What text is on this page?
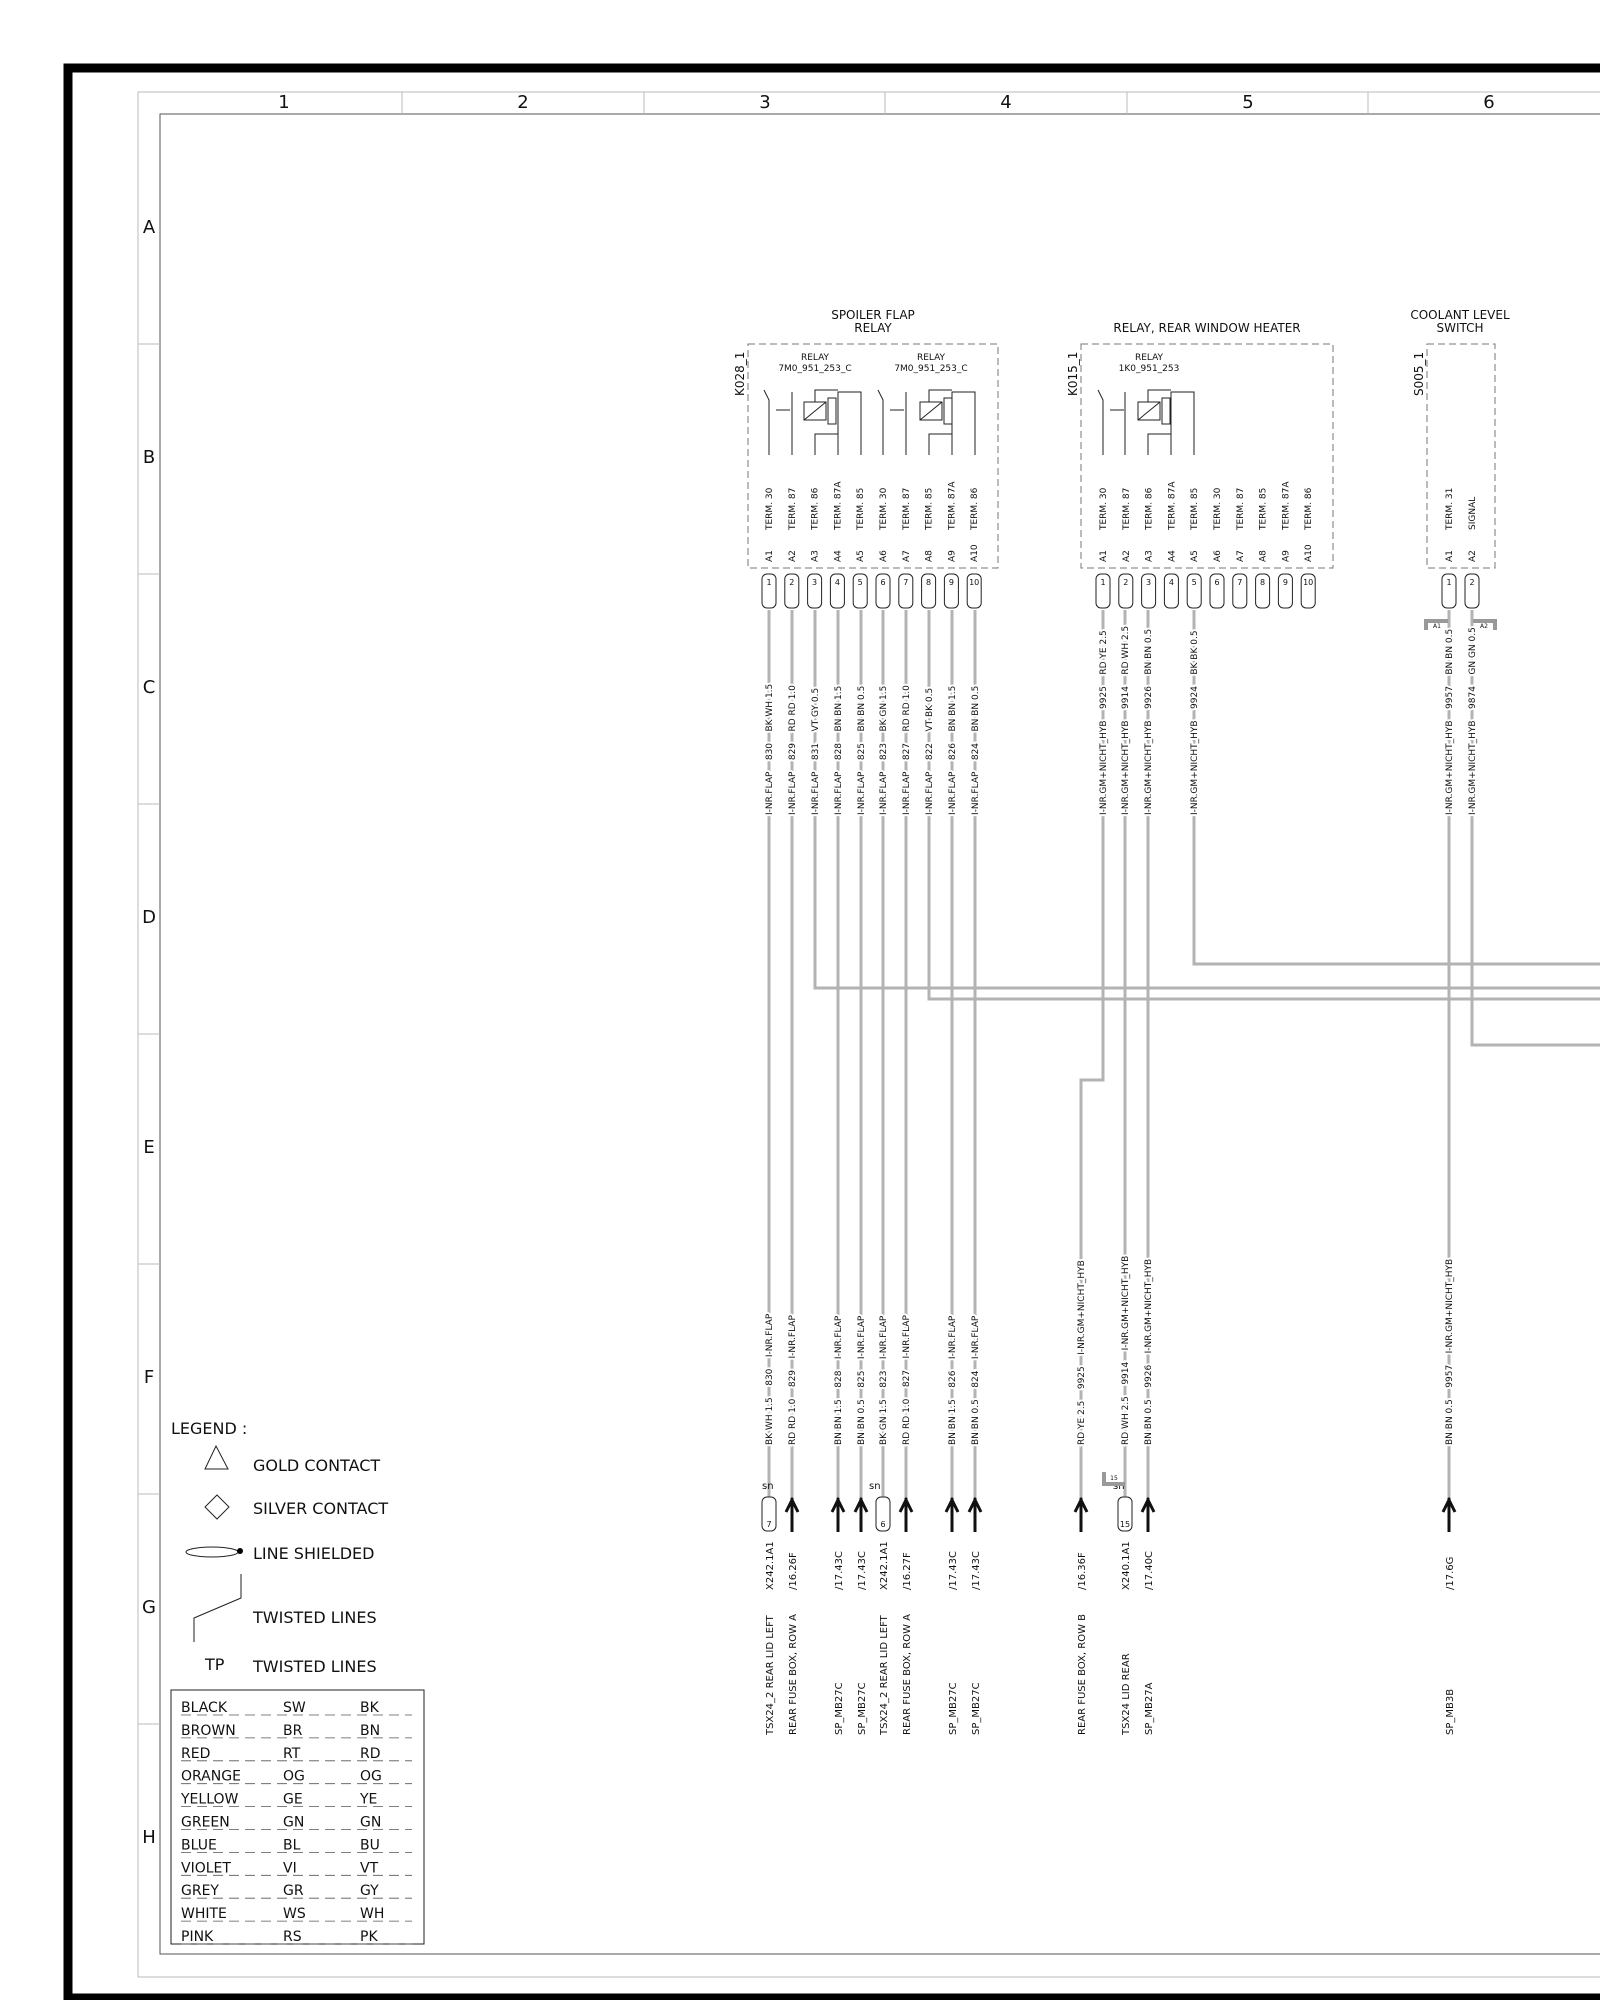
1	2	3	4	5	6
A
B
C
D
E
F
G
H
SPOILER FLAP
RELAY
K028_1	RELAY
7M0_951_253_C
RELAY
7M0_951_253_C
A1
TERM. 30
1
A2
TERM. 87
2
A3
TERM. 86
3
A4
TERM. 87A
4
A5
TERM. 85
5
A6
TERM. 30
6
A7
TERM. 87
7
A8
TERM. 85
8
A9
TERM. 87A
9
A10
TERM. 86
10
RELAY, REAR WINDOW HEATER
K015_1	RELAY
1K0_951_253
A1
TERM. 30
1
A2
TERM. 87
2
A3
TERM. 86
3
A4
TERM. 87A
4
A5
TERM. 85
5
A6
TERM. 30
6
A7
TERM. 87
7
A8
TERM. 85
8
A9
TERM. 87A
9
A10
TERM. 86
10
COOLANT LEVEL
SWITCH
S005_1
A1
TERM. 31
1
A2
SIGNAL
2
A1	A2
I-NR.FLAP    830    BK WH 1.5 I-NR.FLAP    829    RD RD 1.0 I-NR.FLAP    831    VT GY 0.5 I-NR.FLAP    828    BN BN 1.5 I-NR.FLAP    825    BN BN 0.5 I-NR.FLAP    823    BK GN 1.5 I-NR.FLAP    827    RD RD 1.0 I-NR.FLAP    822    VT BK 0.5 I-NR.FLAP    826    BN BN 1.5 I-NR.FLAP    824    BN BN 0.5	I-NR.GM+NICHT_HYB    9925    RD YE 2.5 I-NR.GM+NICHT_HYB    9914    RD WH 2.5 I-NR.GM+NICHT_HYB    9926    BN BN 0.5	I-NR.GM+NICHT_HYB    9924    BK BK 0.5	I-NR.GM+NICHT_HYB    9957    BN BN 0.5 I-NR.GM+NICHT_HYB    9874    GN GN 0.5
BK WH 1.5    830    I-NR.FLAP RD RD 1.0    829    I-NR.FLAP	BN BN 1.5    828    I-NR.FLAP BN BN 0.5    825    I-NR.FLAP BK GN 1.5    823    I-NR.FLAP RD RD 1.0    827    I-NR.FLAP	BN BN 1.5    826    I-NR.FLAP BN BN 0.5    824    I-NR.FLAP	RD YE 2.5    9925    I-NR.GM+NICHT_HYB	RD WH 2.5    9914    I-NR.GM+NICHT_HYB BN BN 0.5    9926    I-NR.GM+NICHT_HYB	BN BN 0.5    9957    I-NR.GM+NICHT_HYB
X242.1A1
TSX24_2 REAR LID LEFT
/16.26F
REAR FUSE BOX, ROW A
/17.43C
SP_MB27C
/17.43C
SP_MB27C
X242.1A1
TSX24_2 REAR LID LEFT
/16.27F
REAR FUSE BOX, ROW A
/17.43C
SP_MB27C
/17.43C
SP_MB27C
/16.36F
REAR FUSE BOX, ROW B
X240.1A1
TSX24 LID REAR
/17.40C
SP_MB27A
/17.6G
SP_MB3B
sn	sn	sn
7	6	15
15
LEGEND :
GOLD CONTACT
SILVER CONTACT
LINE SHIELDED
TWISTED LINES
TP TWISTED LINES
BLACK	SW	BK
BROWN	BR	BN
RED	RT	RD
ORANGE	OG	OG
YELLOW	GE	YE
GREEN	GN	GN
BLUE	BL	BU
VIOLET	VI	VT
GREY	GR	GY
WHITE	WS	WH
PINK	RS	PK
